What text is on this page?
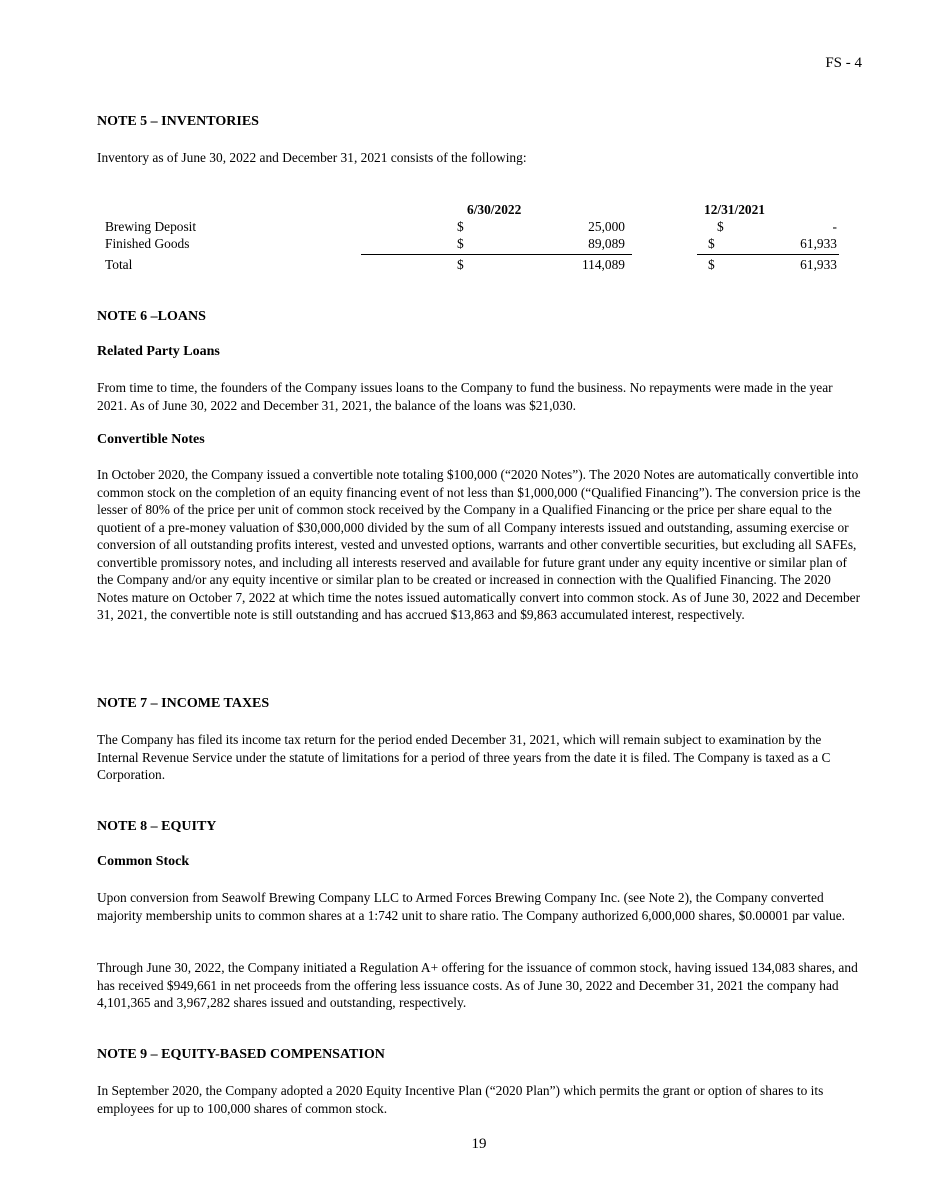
FS - 4
NOTE 5 – INVENTORIES
Inventory as of June 30, 2022 and December 31, 2021 consists of the following:
6/30/2022	12/31/2021
Brewing Deposit	$	25,000	$	-
Finished Goods	$	89,089	$	61,933
Total	$	114,089	$	61,933
NOTE 6 –LOANS
Related Party Loans

From time to time, the founders of the Company issues loans to the Company to fund the business. No repayments were made in the year 2021. As of June 30, 2022 and December 31, 2021, the balance of the loans was $21,030.

Convertible Notes

In October 2020, the Company issued a convertible note totaling $100,000 (“2020 Notes”). The 2020 Notes are automatically convertible into common stock on the completion of an equity financing event of not less than $1,000,000 (“Qualified Financing”). The conversion price is the lesser of 80% of the price per unit of common stock received by the Company in a Qualified Financing or the price per share equal to the quotient of a pre-money valuation of $30,000,000 divided by the sum of all Company interests issued and outstanding, assuming exercise or conversion of all outstanding profits interest, vested and unvested options, warrants and other convertible securities, but excluding all SAFEs, convertible promissory notes, and including all interests reserved and available for future grant under any equity incentive or similar plan of the Company and/or any equity incentive or similar plan to be created or increased in connection with the Qualified Financing. The 2020 Notes mature on October 7, 2022 at which time the notes issued automatically convert into common stock. As of June 30, 2022 and December 31, 2021, the convertible note is still outstanding and has accrued $13,863 and $9,863 accumulated interest, respectively.

NOTE 7 – INCOME TAXES

The Company has filed its income tax return for the period ended December 31, 2021, which will remain subject to examination by the Internal Revenue Service under the statute of limitations for a period of three years from the date it is filed. The Company is taxed as a C Corporation.

NOTE 8 – EQUITY
Common Stock

Upon conversion from Seawolf Brewing Company LLC to Armed Forces Brewing Company Inc. (see Note 2), the Company converted majority membership units to common shares at a 1:742 unit to share ratio. The Company authorized 6,000,000 shares, $0.00001 par value.

Through June 30, 2022, the Company initiated a Regulation A+ offering for the issuance of common stock, having issued 134,083 shares, and has received $949,661 in net proceeds from the offering less issuance costs. As of June 30, 2022 and December 31, 2021 the company had 4,101,365 and 3,967,282 shares issued and outstanding, respectively.

NOTE 9 – EQUITY-BASED COMPENSATION

In September 2020, the Company adopted a 2020 Equity Incentive Plan (“2020 Plan”) which permits the grant or option of shares to its employees for up to 100,000 shares of common stock.

19
